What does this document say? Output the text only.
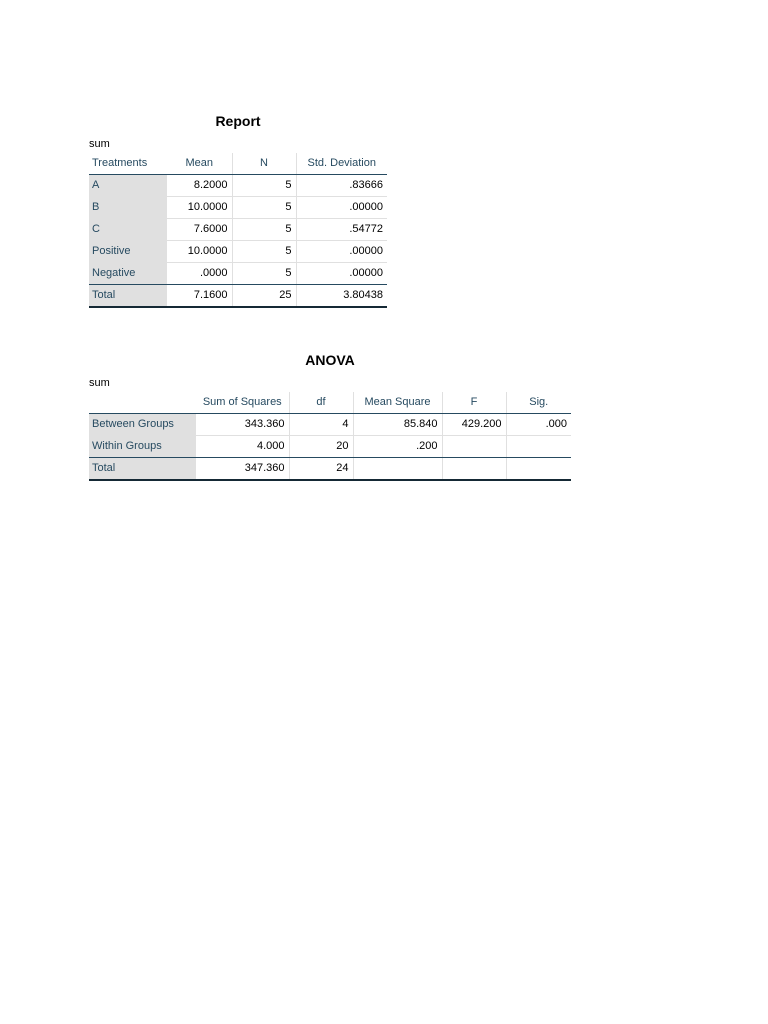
Report
sum
Treatments	Mean	N	Std. Deviation
A	8.2000	5	.83666
B	10.0000	5	.00000
C	7.6000	5	.54772
Positive	10.0000	5	.00000
Negative	.0000	5	.00000
Total	7.1600	25	3.80438
ANOVA
sum
	Sum of Squares	df	Mean Square	F	Sig.
Between Groups	343.360	4	85.840	429.200	.000
Within Groups	4.000	20	.200		
Total	347.360	24			
